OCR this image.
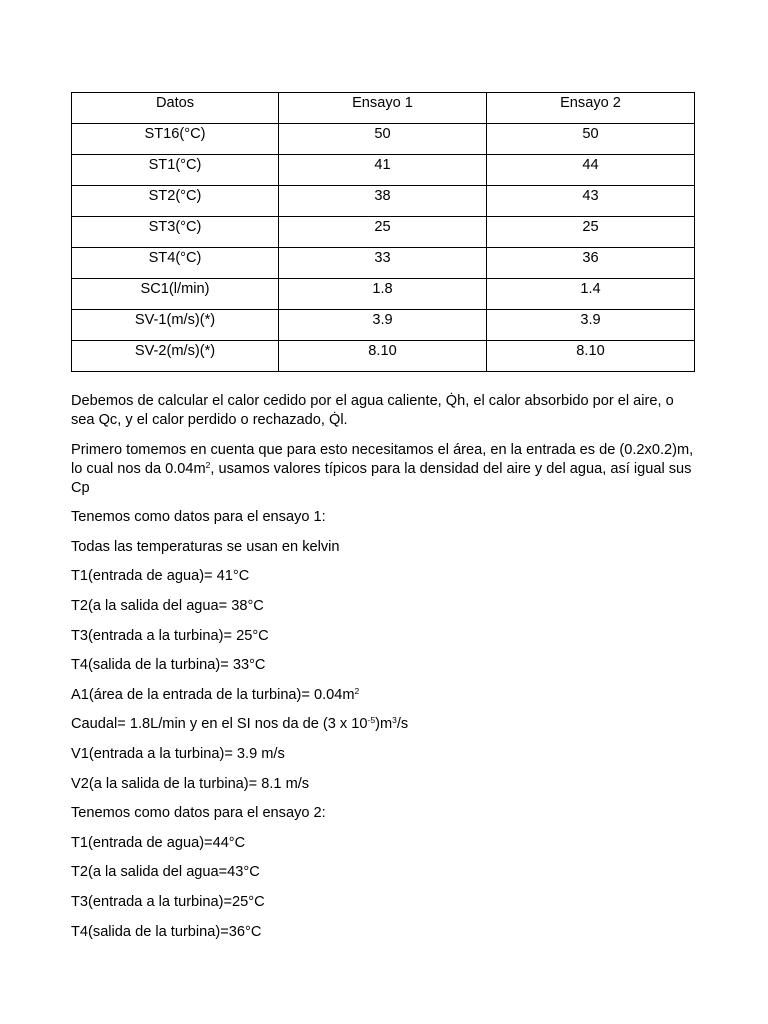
Datos	Ensayo 1	Ensayo 2
ST16(°C)	50	50
ST1(°C)	41	44
ST2(°C)	38	43
ST3(°C)	25	25
ST4(°C)	33	36
SC1(l/min)	1.8	1.4
SV-1(m/s)(*)	3.9	3.9
SV-2(m/s)(*)	8.10	8.10

Debemos de calcular el calor cedido por el agua caliente, Q̇h, el calor absorbido por el aire, o sea Qc, y el calor perdido o rechazado, Q̇l.

Primero tomemos en cuenta que para esto necesitamos el área, en la entrada es de (0.2x0.2)m, lo cual nos da $0.04m^2$, usamos valores típicos para la densidad del aire y del agua, así igual sus Cp

Tenemos como datos para el ensayo 1:

Todas las temperaturas se usan en kelvin

T1(entrada de agua)= 41°C

T2(a la salida del agua= 38°C

T3(entrada a la turbina)= 25°C

T4(salida de la turbina)= 33°C

A1(área de la entrada de la turbina)= $0.04m^2$

Caudal= 1.8L/min y en el SI nos da de (3 x $10^{-5})m^3/s$

V1(entrada a la turbina)= 3.9 m/s

V2(a la salida de la turbina)= 8.1 m/s

Tenemos como datos para el ensayo 2:

T1(entrada de agua)=44°C

T2(a la salida del agua=43°C

T3(entrada a la turbina)=25°C

T4(salida de la turbina)=36°C
